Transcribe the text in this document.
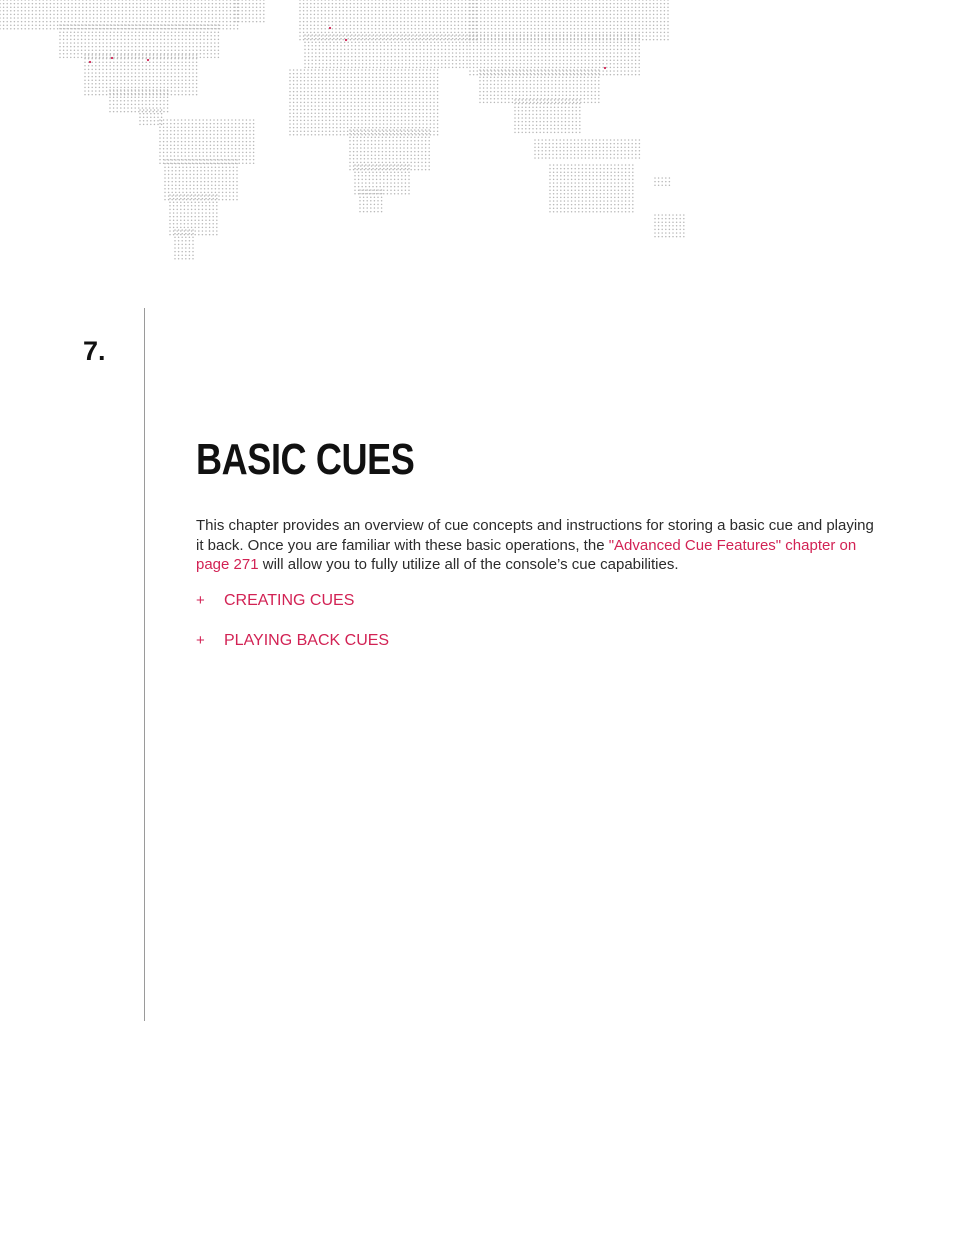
7.
BASIC CUES

This chapter provides an overview of cue concepts and instructions for storing a basic cue and playing it back. Once you are familiar with these basic operations, the "Advanced Cue Features" chapter on page 271 will allow you to fully utilize all of the console’s cue capabilities.

+	CREATING CUES
+	PLAYING BACK CUES
